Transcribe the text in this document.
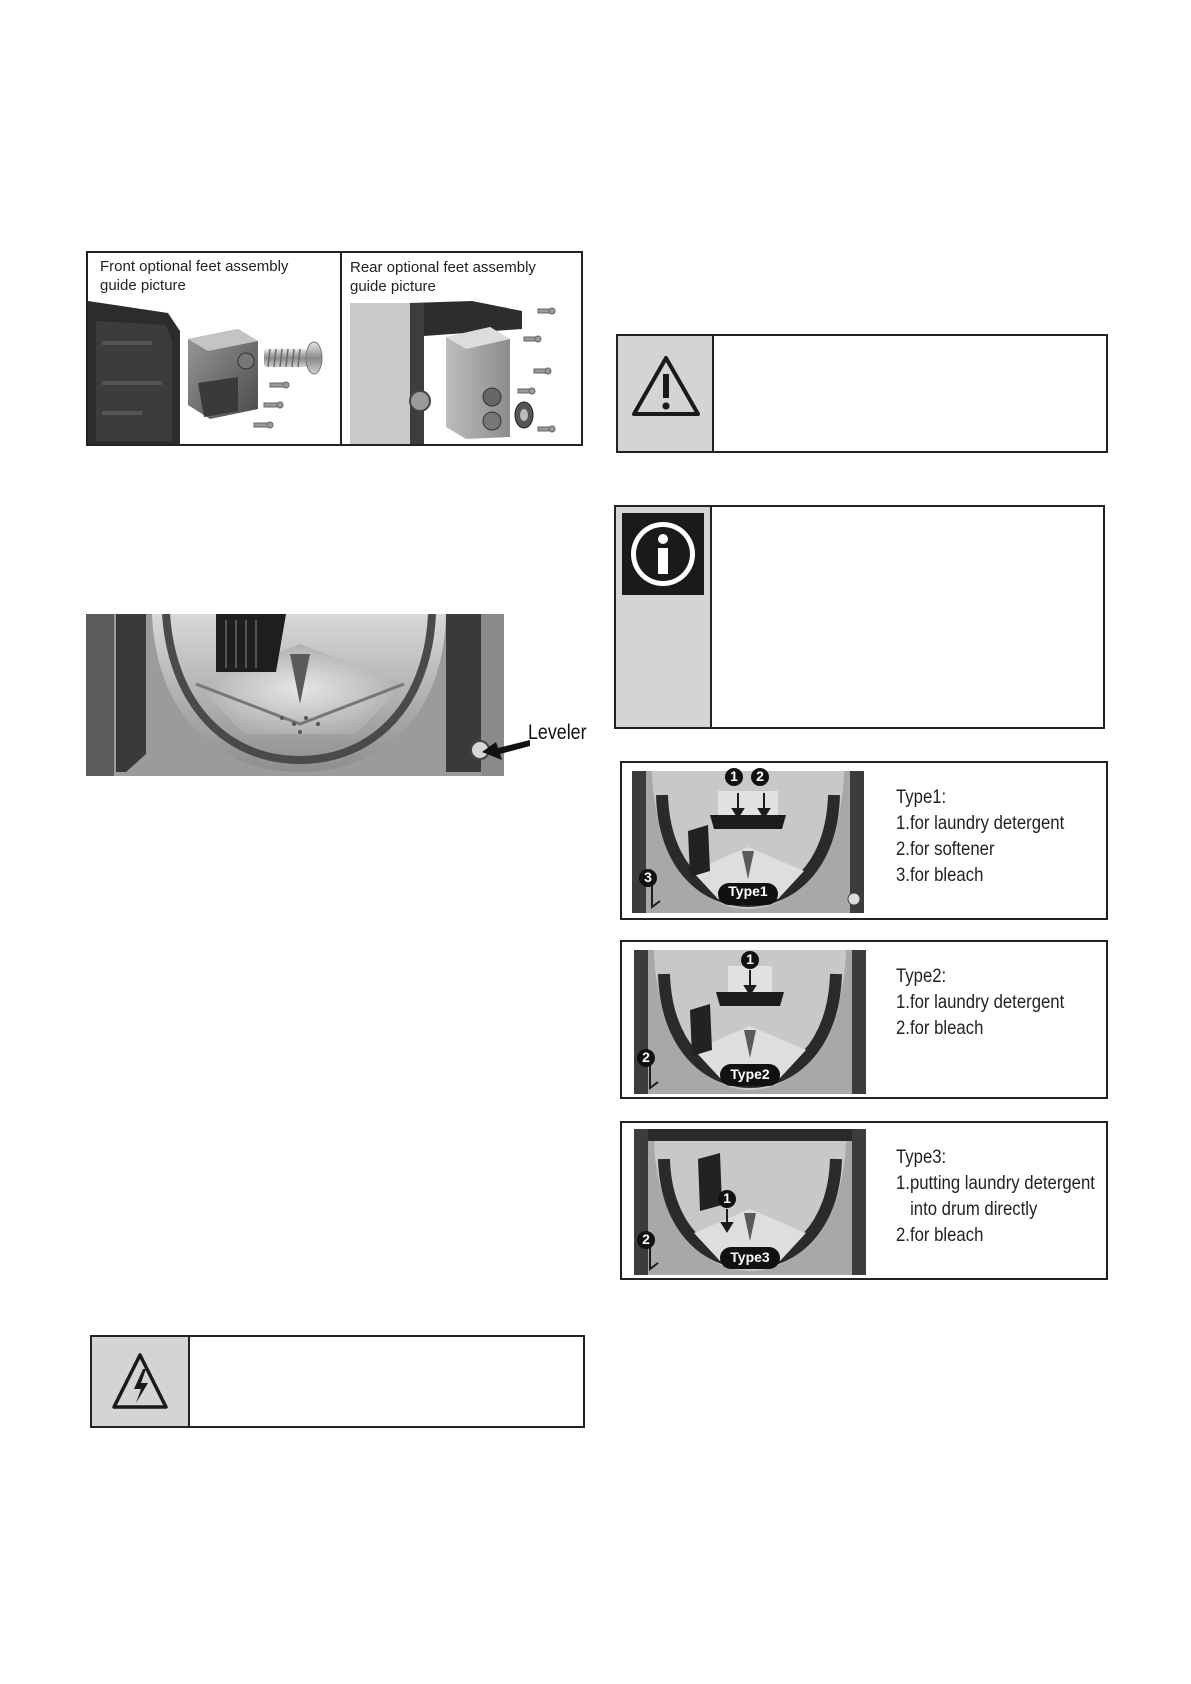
Front optional feet assembly
guide picture
Rear optional feet assembly
guide picture
Leveler
1	2
3
Type1
Type1:
1.for laundry detergent
2.for softener
3.for bleach
1
2
Type2
Type2:
1.for laundry detergent
2.for bleach
1
2
Type3
Type3:
1.putting laundry detergent
into drum directly
2.for bleach
